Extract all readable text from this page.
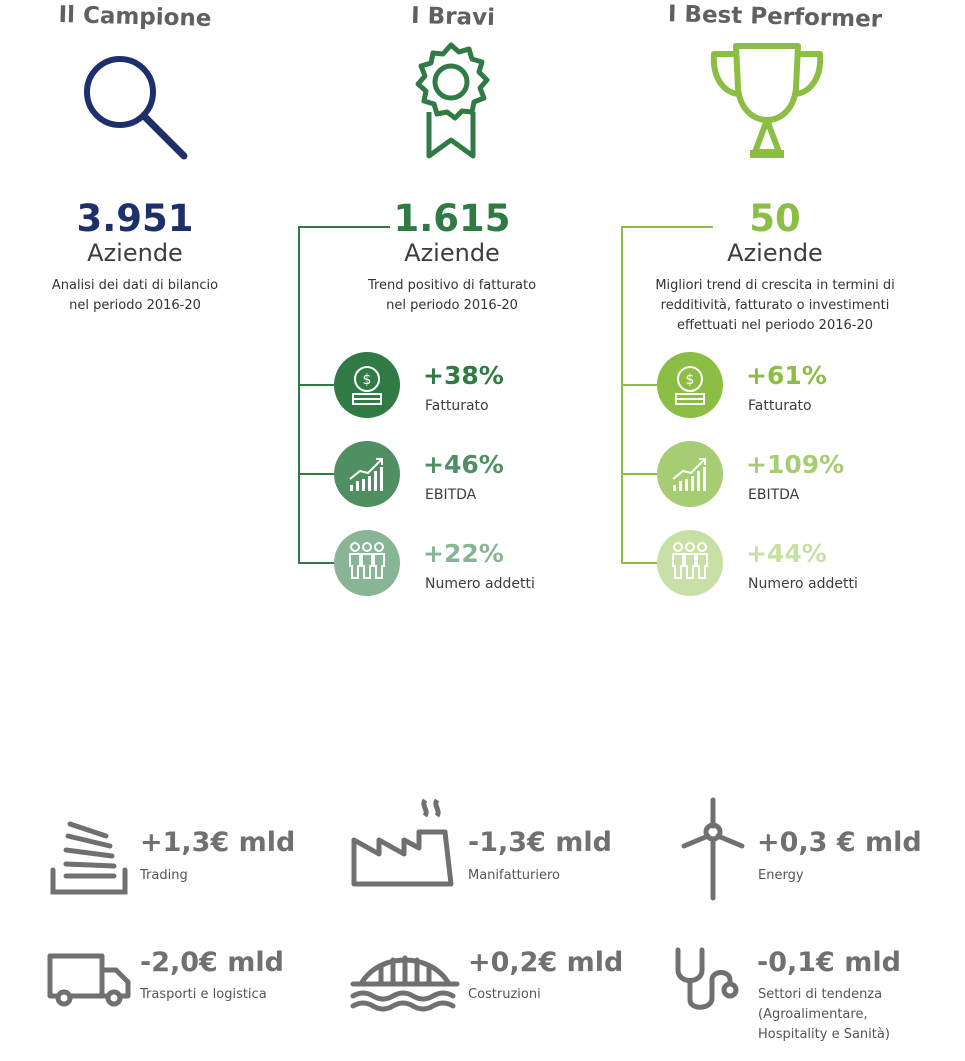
Il Campione	I Bravi	I Best Performer
3.951
Aziende
Analisi dei dati di bilancio
nel periodo 2016-20
1.615
Aziende
Trend positivo di fatturato
nel periodo 2016-20
$ +38%
Fatturato
+46%
EBITDA
+22%
Numero addetti
50
Aziende
Migliori trend di crescita in termini di
redditività, fatturato o investimenti
effettuati nel periodo 2016-20
$ +61%
Fatturato
+109%
EBITDA
+44%
Numero addetti
+1,3€ mld
Trading
-1,3€ mld
Manifatturiero
+0,3 € mld
Energy
-2,0€ mld
Trasporti e logistica
+0,2€ mld
Costruzioni
-0,1€ mld
Settori di tendenza
(Agroalimentare,
Hospitality e Sanità)
